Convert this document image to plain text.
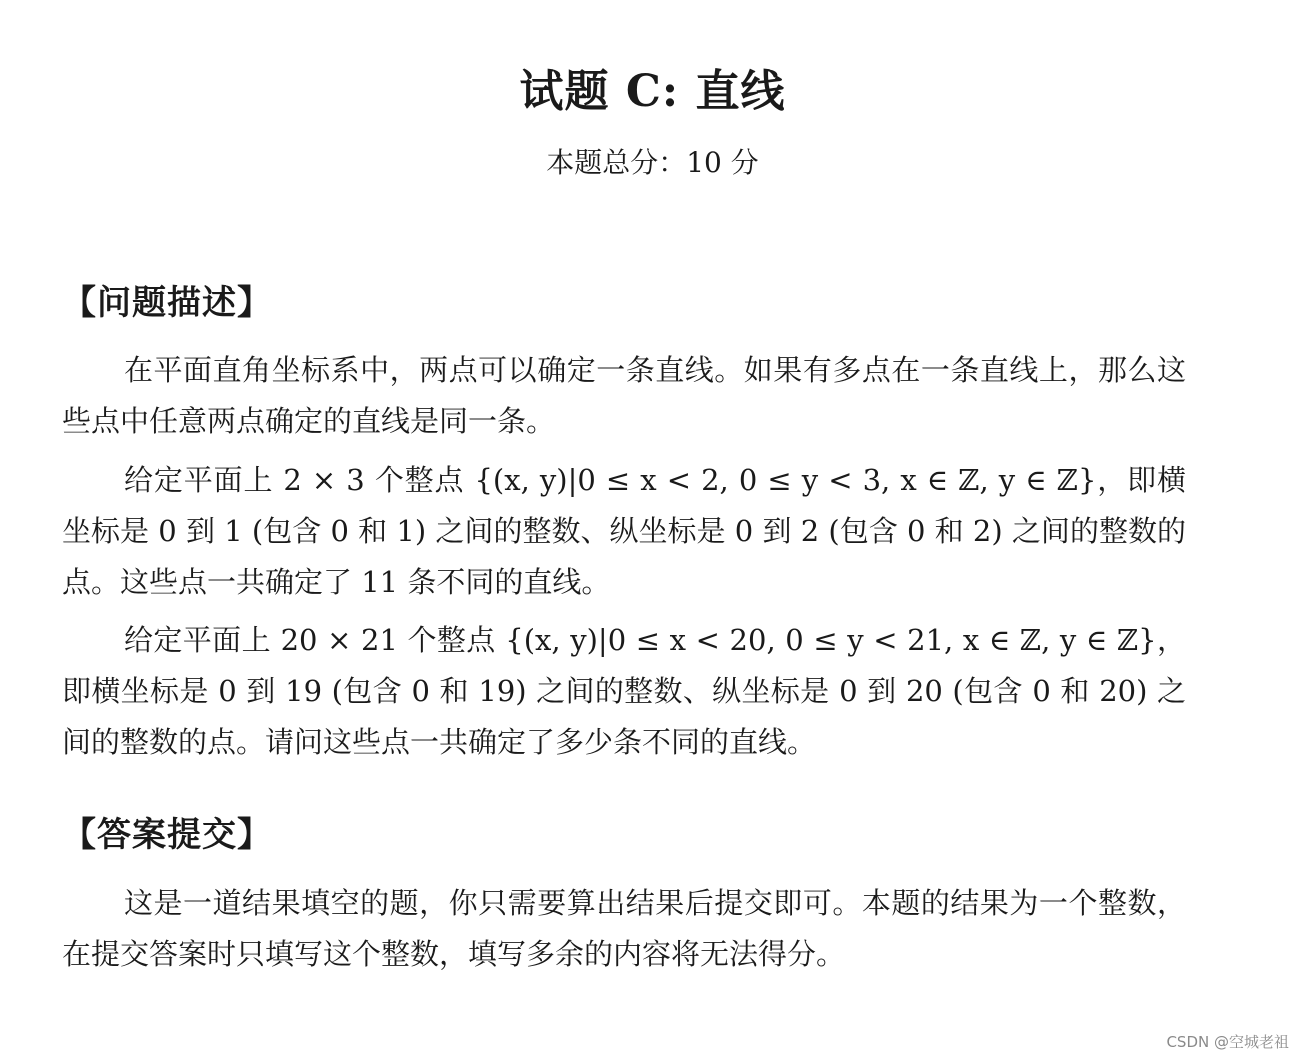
试题 C: 直线
本题总分：10 分
【问题描述】

在平面直角坐标系中，两点可以确定一条直线。如果有多点在一条直线上，那么这些点中任意两点确定的直线是同一条。

给定平面上 2 × 3 个整点 {(x, y)|0 ≤ x < 2, 0 ≤ y < 3, x ∈ ℤ, y ∈ ℤ}，即横坐标是 0 到 1 (包含 0 和 1) 之间的整数、纵坐标是 0 到 2 (包含 0 和 2) 之间的整数的点。这些点一共确定了 11 条不同的直线。

给定平面上 20 × 21 个整点 {(x, y)|0 ≤ x < 20, 0 ≤ y < 21, x ∈ ℤ, y ∈ ℤ}，即横坐标是 0 到 19 (包含 0 和 19) 之间的整数、纵坐标是 0 到 20 (包含 0 和 20) 之间的整数的点。请问这些点一共确定了多少条不同的直线。

【答案提交】

这是一道结果填空的题，你只需要算出结果后提交即可。本题的结果为一个整数，在提交答案时只填写这个整数，填写多余的内容将无法得分。

CSDN @空城老祖
